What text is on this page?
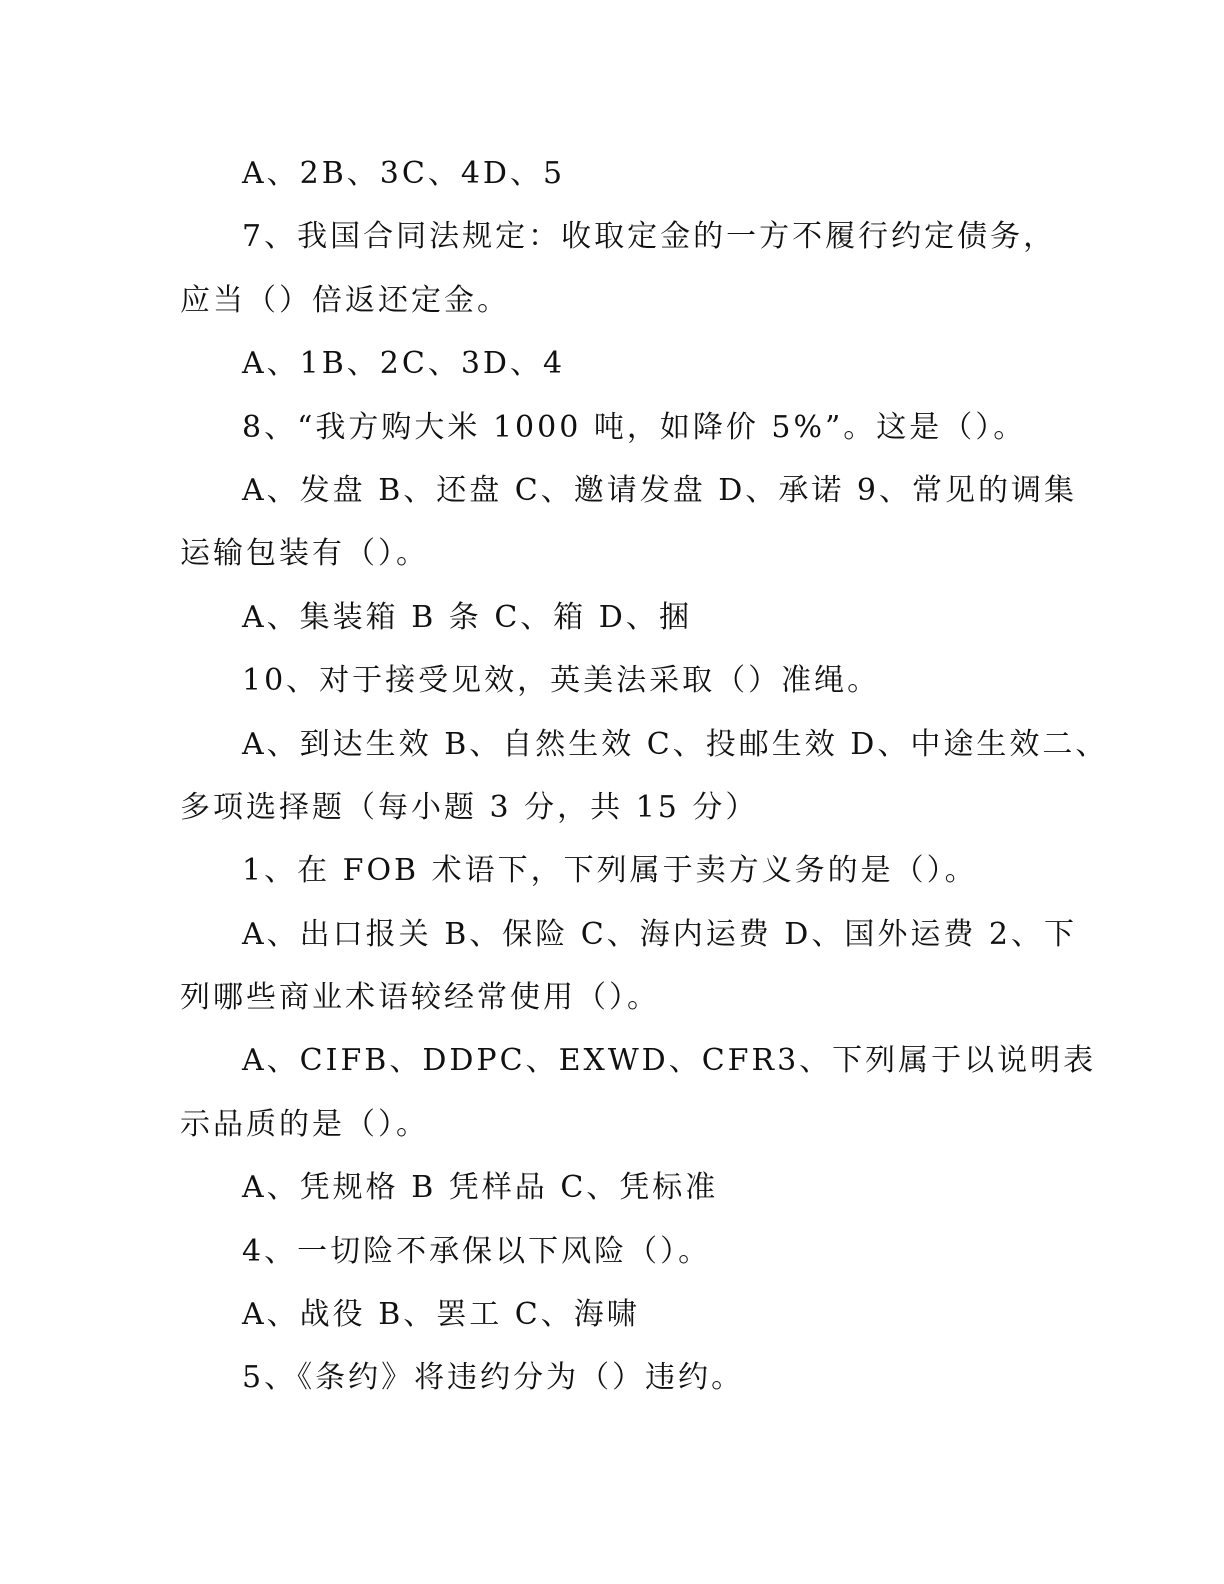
A、2B、3C、4D、5
7、我国合同法规定：收取定金的一方不履行约定债务，
应当（）倍返还定金。
A、1B、2C、3D、4
8、“我方购大米 1000 吨，如降价 5%”。这是（）。
A、发盘 B、还盘 C、邀请发盘 D、承诺 9、常见的调集
运输包装有（）。
A、集装箱 B 条 C、箱 D、捆
10、对于接受见效，英美法采取（）准绳。
A、到达生效 B、自然生效 C、投邮生效 D、中途生效二、
多项选择题（每小题 3 分，共 15 分）
1、在 FOB 术语下，下列属于卖方义务的是（）。
A、出口报关 B、保险 C、海内运费 D、国外运费 2、下
列哪些商业术语较经常使用（）。
A、CIFB、DDPC、EXWD、CFR3、下列属于以说明表
示品质的是（）。
A、凭规格 B 凭样品 C、凭标准
4、一切险不承保以下风险（）。
A、战役 B、罢工 C、海啸
5、《条约》将违约分为（）违约。
